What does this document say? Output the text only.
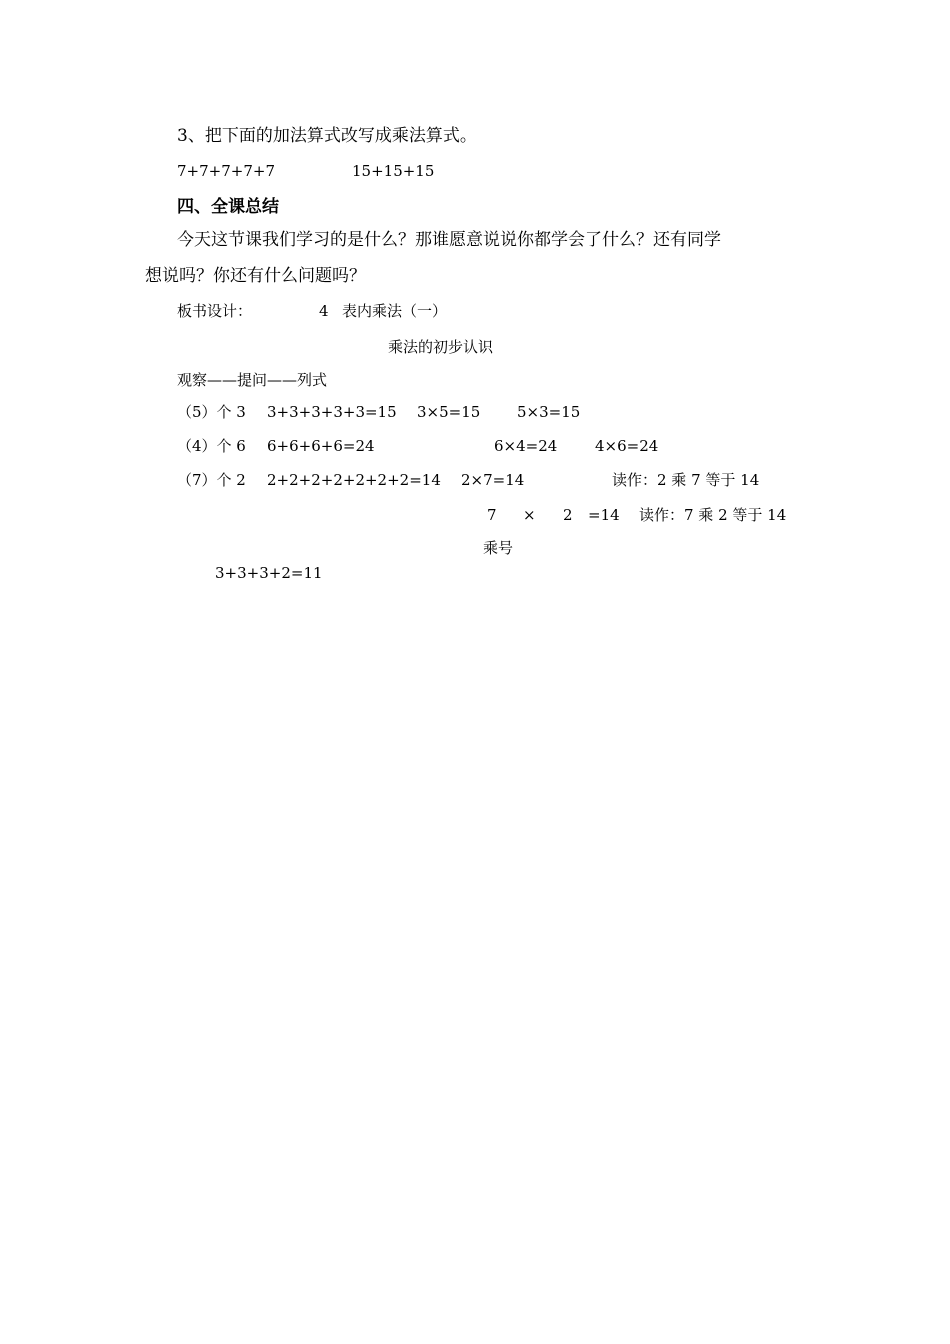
3、把下面的加法算式改写成乘法算式。
7+7+7+7+7	15+15+15
四、全课总结
今天这节课我们学习的是什么？那谁愿意说说你都学会了什么？还有同学
想说吗？你还有什么问题吗？
板书设计：	4 表内乘法（一）
乘法的初步认识
观察——提问——列式
（5）个 3 3+3+3+3+3=15 3×5=15 5×3=15
（4）个 6 6+6+6+6=24	6×4=24	4×6=24
（7）个 2 2+2+2+2+2+2+2=14 2×7=14	读作：2 乘 7 等于 14
7 × 2 =14 读作：7 乘 2 等于 14
乘号
3+3+3+2=11
